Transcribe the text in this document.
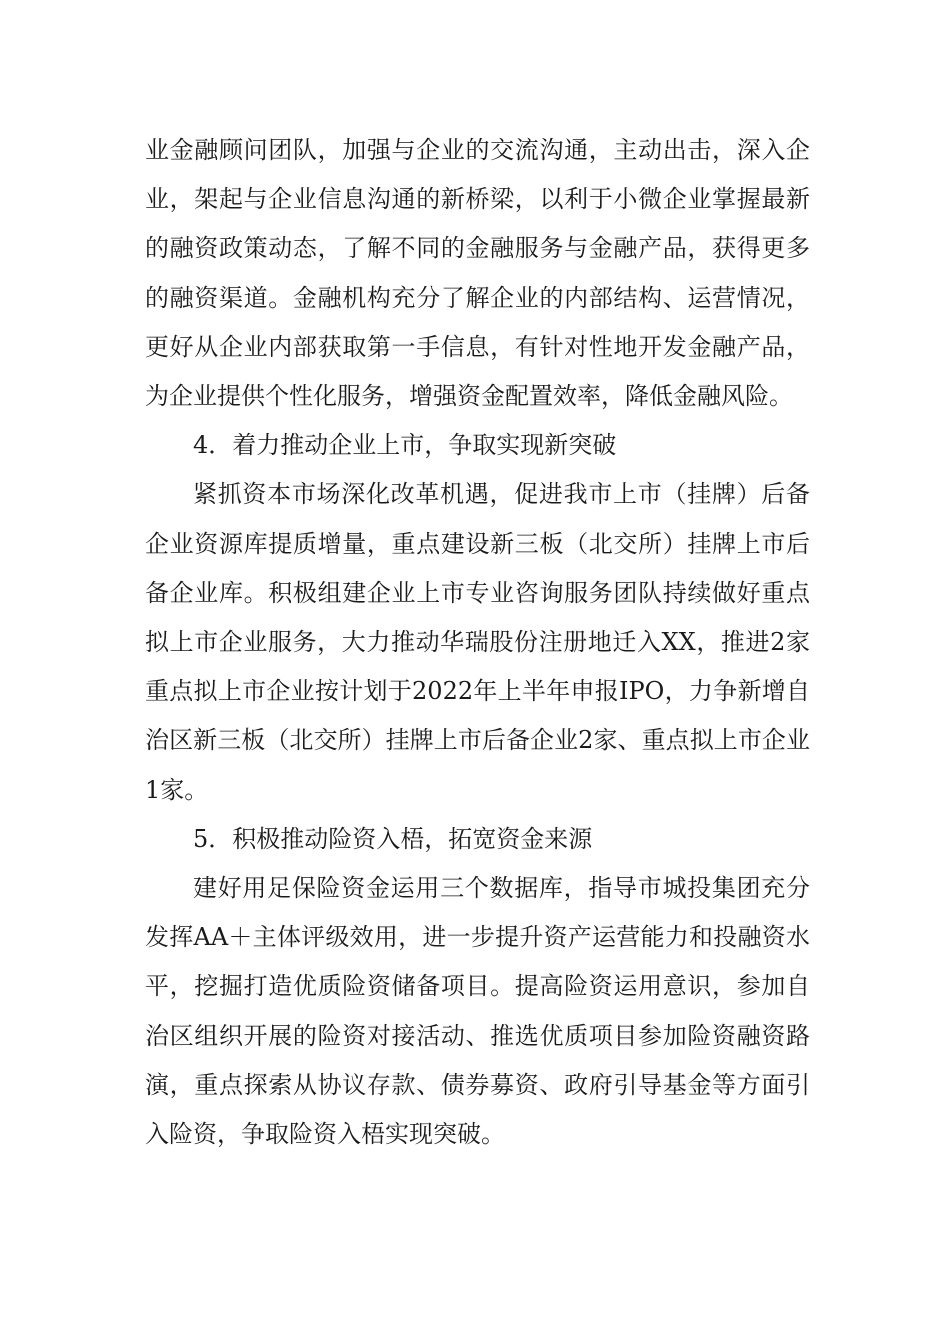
业金融顾问团队，加强与企业的交流沟通，主动出击，深入企业，架起与企业信息沟通的新桥梁，以利于小微企业掌握最新的融资政策动态，了解不同的金融服务与金融产品，获得更多的融资渠道。金融机构充分了解企业的内部结构、运营情况，更好从企业内部获取第一手信息，有针对性地开发金融产品，为企业提供个性化服务，增强资金配置效率，降低金融风险。

4．着力推动企业上市，争取实现新突破

紧抓资本市场深化改革机遇，促进我市上市（挂牌）后备企业资源库提质增量，重点建设新三板（北交所）挂牌上市后备企业库。积极组建企业上市专业咨询服务团队持续做好重点拟上市企业服务，大力推动华瑞股份注册地迁入XX，推进2家重点拟上市企业按计划于2022年上半年申报IPO，力争新增自治区新三板（北交所）挂牌上市后备企业2家、重点拟上市企业1家。

5．积极推动险资入梧，拓宽资金来源

建好用足保险资金运用三个数据库，指导市城投集团充分发挥AA＋主体评级效用，进一步提升资产运营能力和投融资水平，挖掘打造优质险资储备项目。提高险资运用意识，参加自治区组织开展的险资对接活动、推选优质项目参加险资融资路演，重点探索从协议存款、债券募资、政府引导基金等方面引入险资，争取险资入梧实现突破。
